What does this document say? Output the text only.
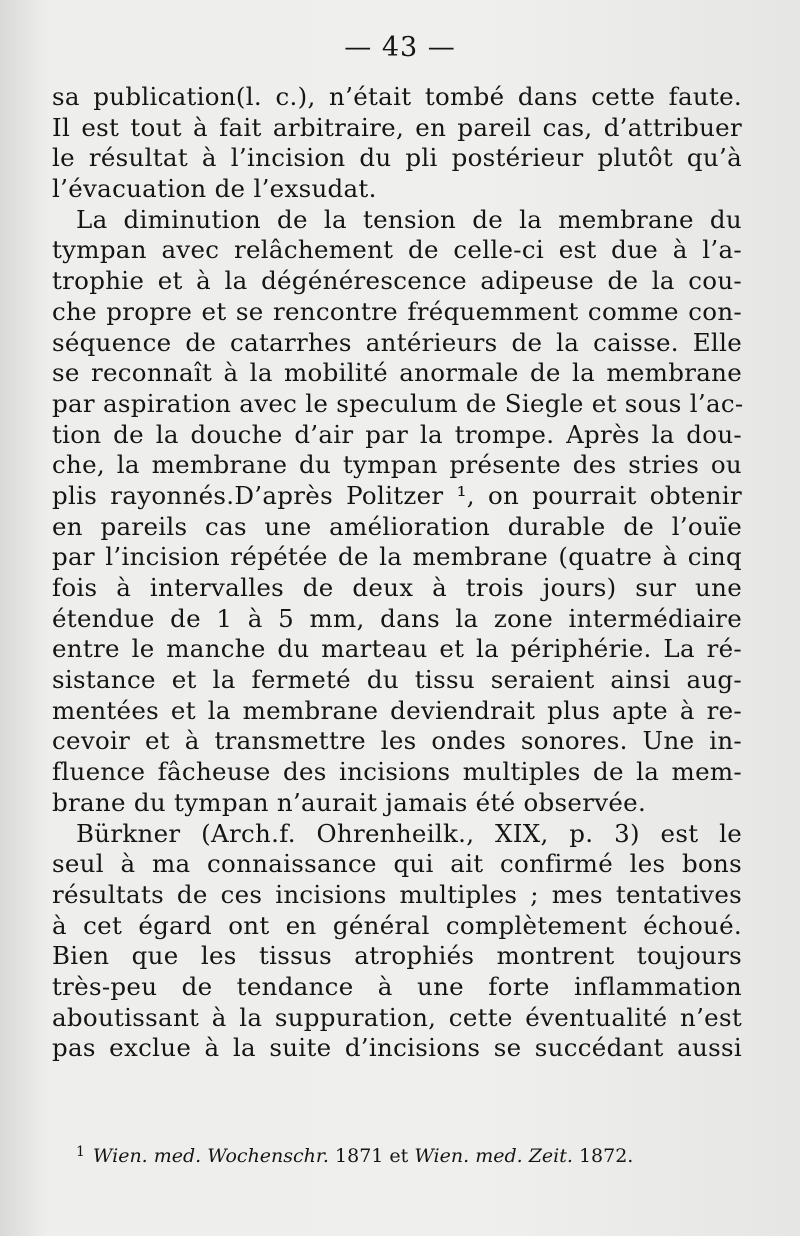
— 43 —
sa publication(l. c.), n’était tombé dans cette faute.
Il est tout à fait arbitraire, en pareil cas, d’attribuer
le résultat à l’incision du pli postérieur plutôt qu’à
l’évacuation de l’exsudat.
La diminution de la tension de la membrane du
tympan avec relâchement de celle-ci est due à l’a-
trophie et à la dégénérescence adipeuse de la cou-
che propre et se rencontre fréquemment comme con-
séquence de catarrhes antérieurs de la caisse. Elle
se reconnaît à la mobilité anormale de la membrane
par aspiration avec le speculum de Siegle et sous l’ac-
tion de la douche d’air par la trompe. Après la dou-
che, la membrane du tympan présente des stries ou
plis rayonnés.D’après Politzer ¹, on pourrait obtenir
en pareils cas une amélioration durable de l’ouïe
par l’incision répétée de la membrane (quatre à cinq
fois à intervalles de deux à trois jours) sur une
étendue de 1 à 5 mm, dans la zone intermédiaire
entre le manche du marteau et la périphérie. La ré-
sistance et la fermeté du tissu seraient ainsi aug-
mentées et la membrane deviendrait plus apte à re-
cevoir et à transmettre les ondes sonores. Une in-
fluence fâcheuse des incisions multiples de la mem-
brane du tympan n’aurait jamais été observée.
Bürkner (Arch.f. Ohrenheilk., XIX, p. 3) est le
seul à ma connaissance qui ait confirmé les bons
résultats de ces incisions multiples ; mes tentatives
à cet égard ont en général complètement échoué.
Bien que les tissus atrophiés montrent toujours
très-peu de tendance à une forte inflammation
aboutissant à la suppuration, cette éventualité n’est
pas exclue à la suite d’incisions se succédant aussi
$^1$ Wien. med. Wochenschr. 1871 et Wien. med. Zeit. 1872.
